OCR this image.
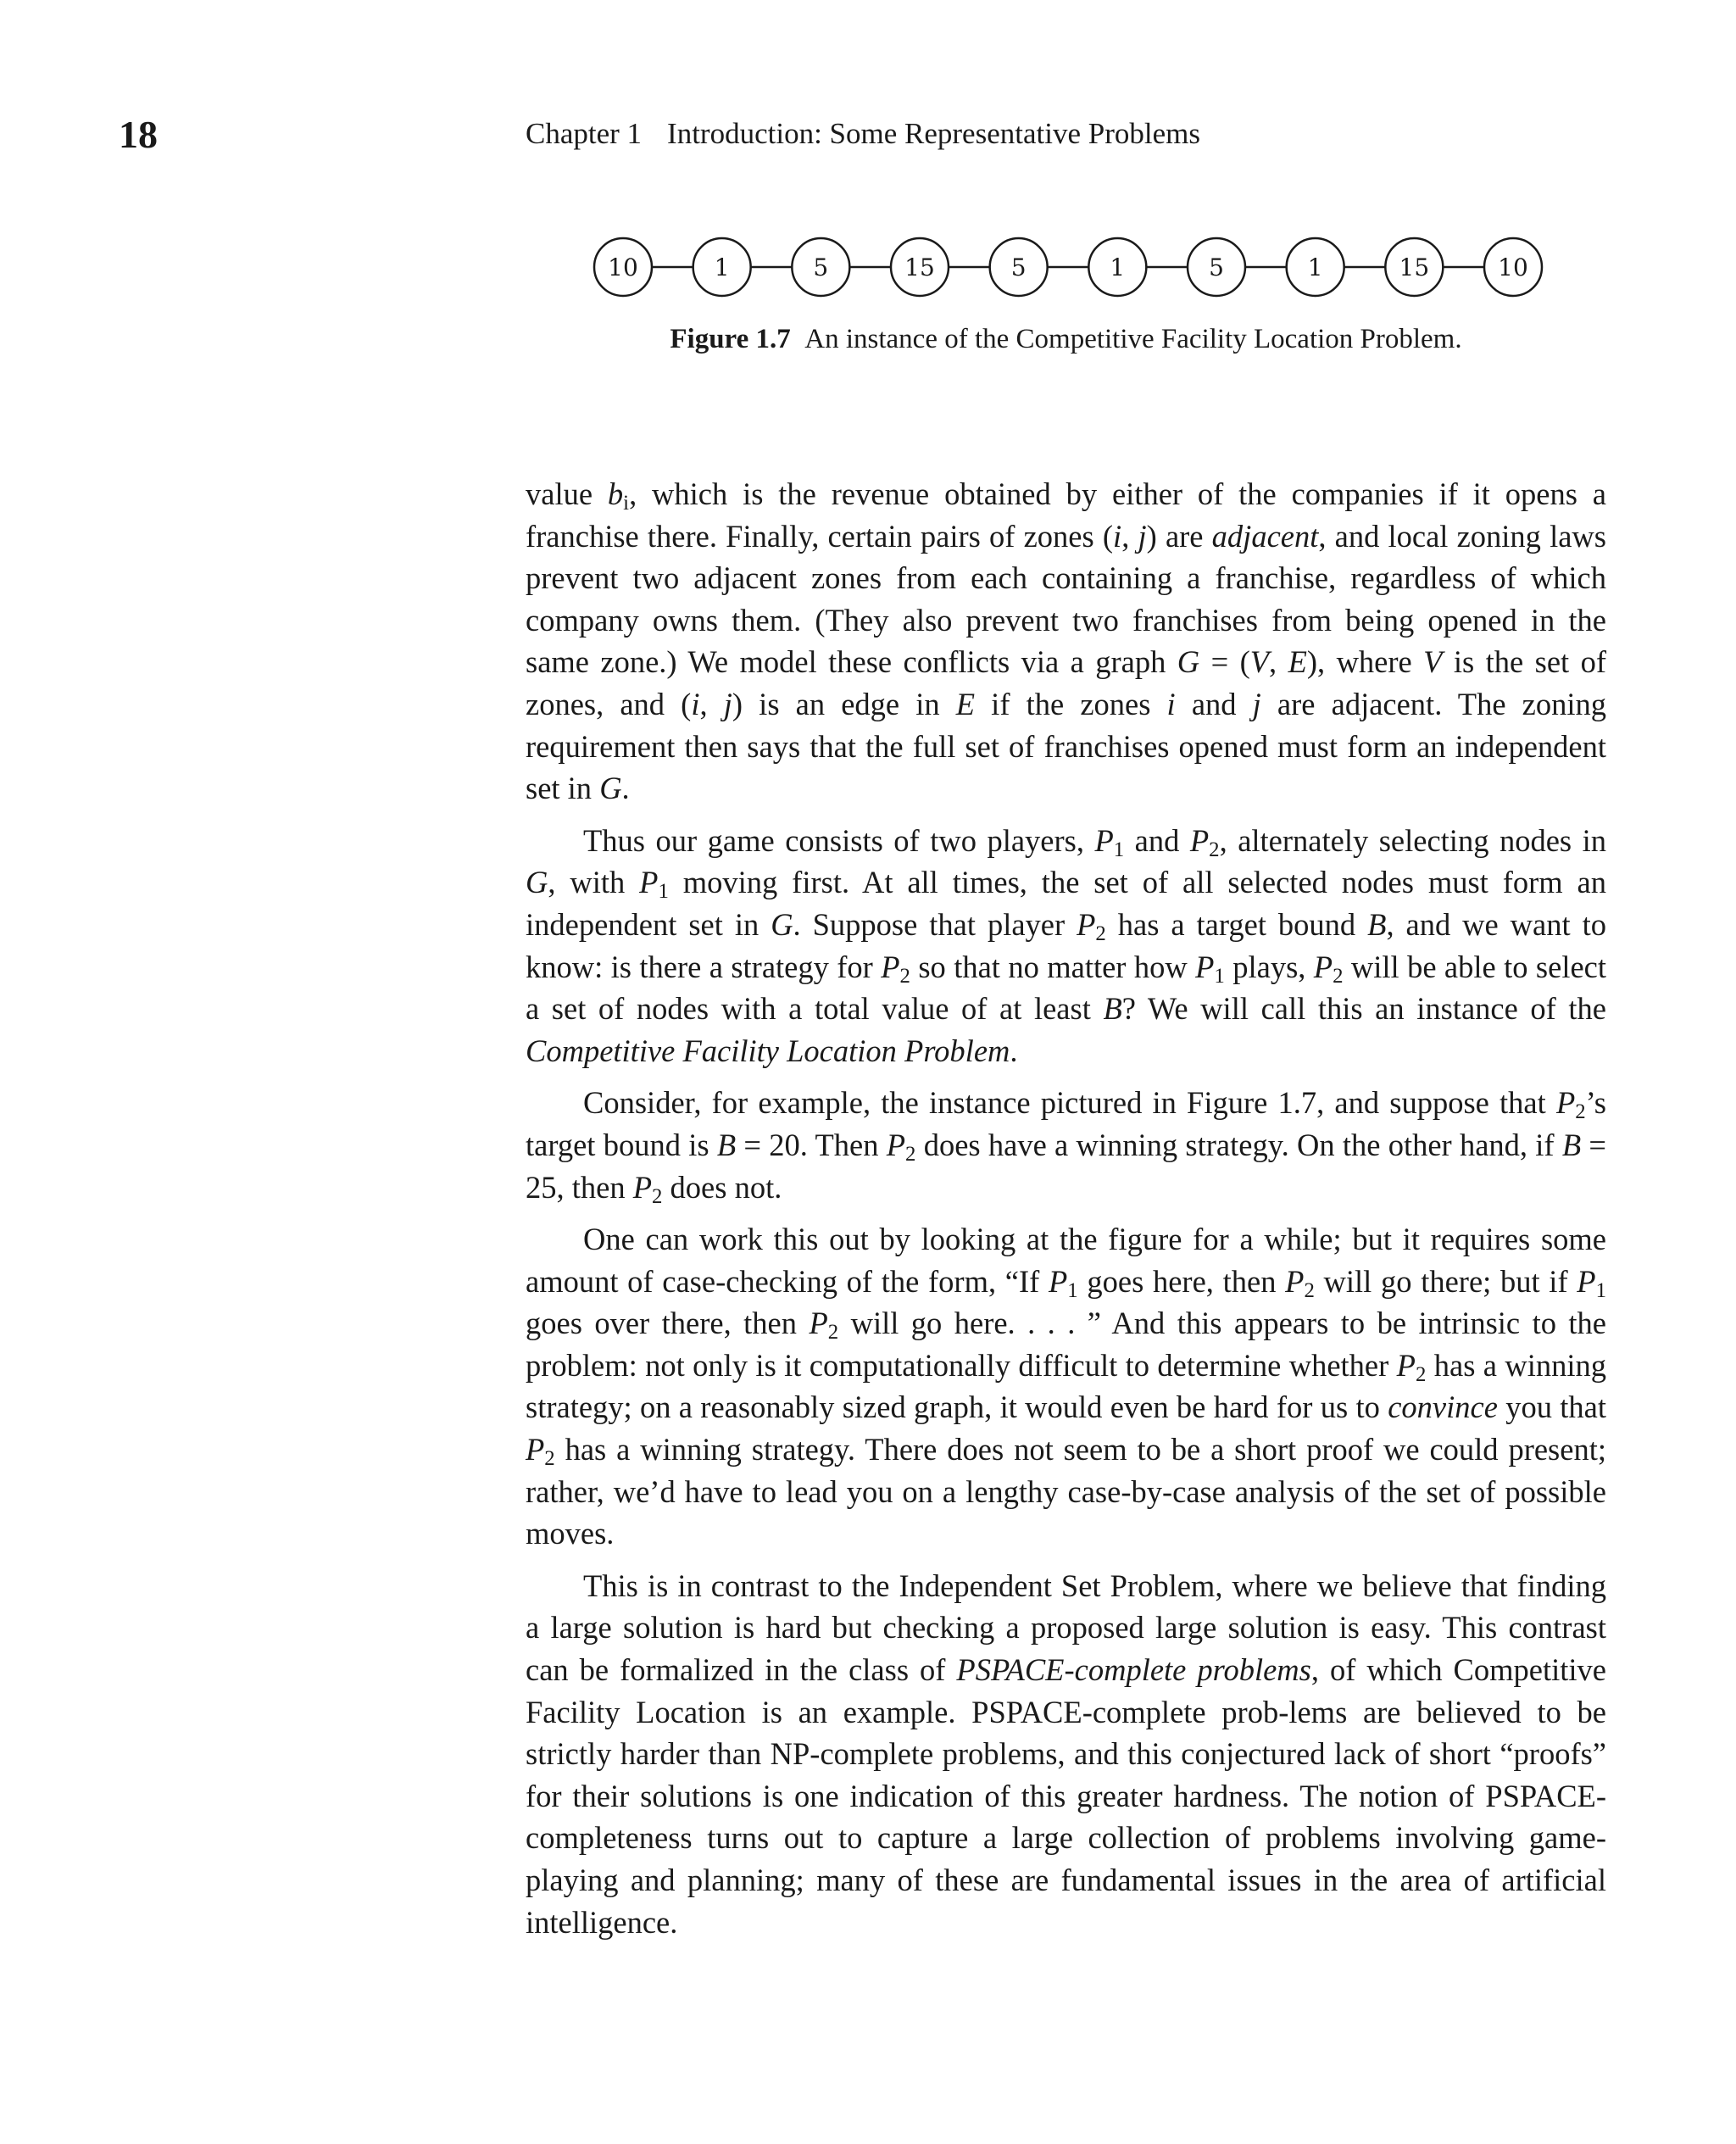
18	Chapter 1 Introduction: Some Representative Problems
10	1	5	15	5	1	5	1	15	10
Figure 1.7 An instance of the Competitive Facility Location Problem.

value $b_i$, which is the revenue obtained by either of the companies if it opens a franchise there. Finally, certain pairs of zones (i, j) are adjacent, and local zoning laws prevent two adjacent zones from each containing a franchise, regardless of which company owns them. (They also prevent two franchises from being opened in the same zone.) We model these conflicts via a graph G = (V, E), where V is the set of zones, and (i, j) is an edge in E if the zones i and j are adjacent. The zoning requirement then says that the full set of franchises opened must form an independent set in G.

Thus our game consists of two players, $P_1$ and $P_2$, alternately selecting nodes in G, with $P_1$ moving first. At all times, the set of all selected nodes must form an independent set in G. Suppose that player $P_2$ has a target bound B, and we want to know: is there a strategy for $P_2$ so that no matter how $P_1$ plays, $P_2$ will be able to select a set of nodes with a total value of at least B? We will call this an instance of the Competitive Facility Location Problem.

Consider, for example, the instance pictured in Figure 1.7, and suppose that $P_2’s$ target bound is B = 20. Then $P_2$ does have a winning strategy. On the other hand, if B = 25, then $P_2$ does not.

One can work this out by looking at the figure for a while; but it requires some amount of case-checking of the form, “If $P_1$ goes here, then $P_2$ will go there; but if $P_1$ goes over there, then $P_2$ will go here. . . . ” And this appears to be intrinsic to the problem: not only is it computationally difficult to determine whether $P_2$ has a winning strategy; on a reasonably sized graph, it would even be hard for us to convince you that $P_2$ has a winning strategy. There does not seem to be a short proof we could present; rather, we’d have to lead you on a lengthy case-by-case analysis of the set of possible moves.

This is in contrast to the Independent Set Problem, where we believe that finding a large solution is hard but checking a proposed large solution is easy. This contrast can be formalized in the class of PSPACE-complete problems, of which Competitive Facility Location is an example. PSPACE-complete prob-lems are believed to be strictly harder than NP-complete problems, and this conjectured lack of short “proofs” for their solutions is one indication of this greater hardness. The notion of PSPACE-completeness turns out to capture a large collection of problems involving game-playing and planning; many of these are fundamental issues in the area of artificial intelligence.
